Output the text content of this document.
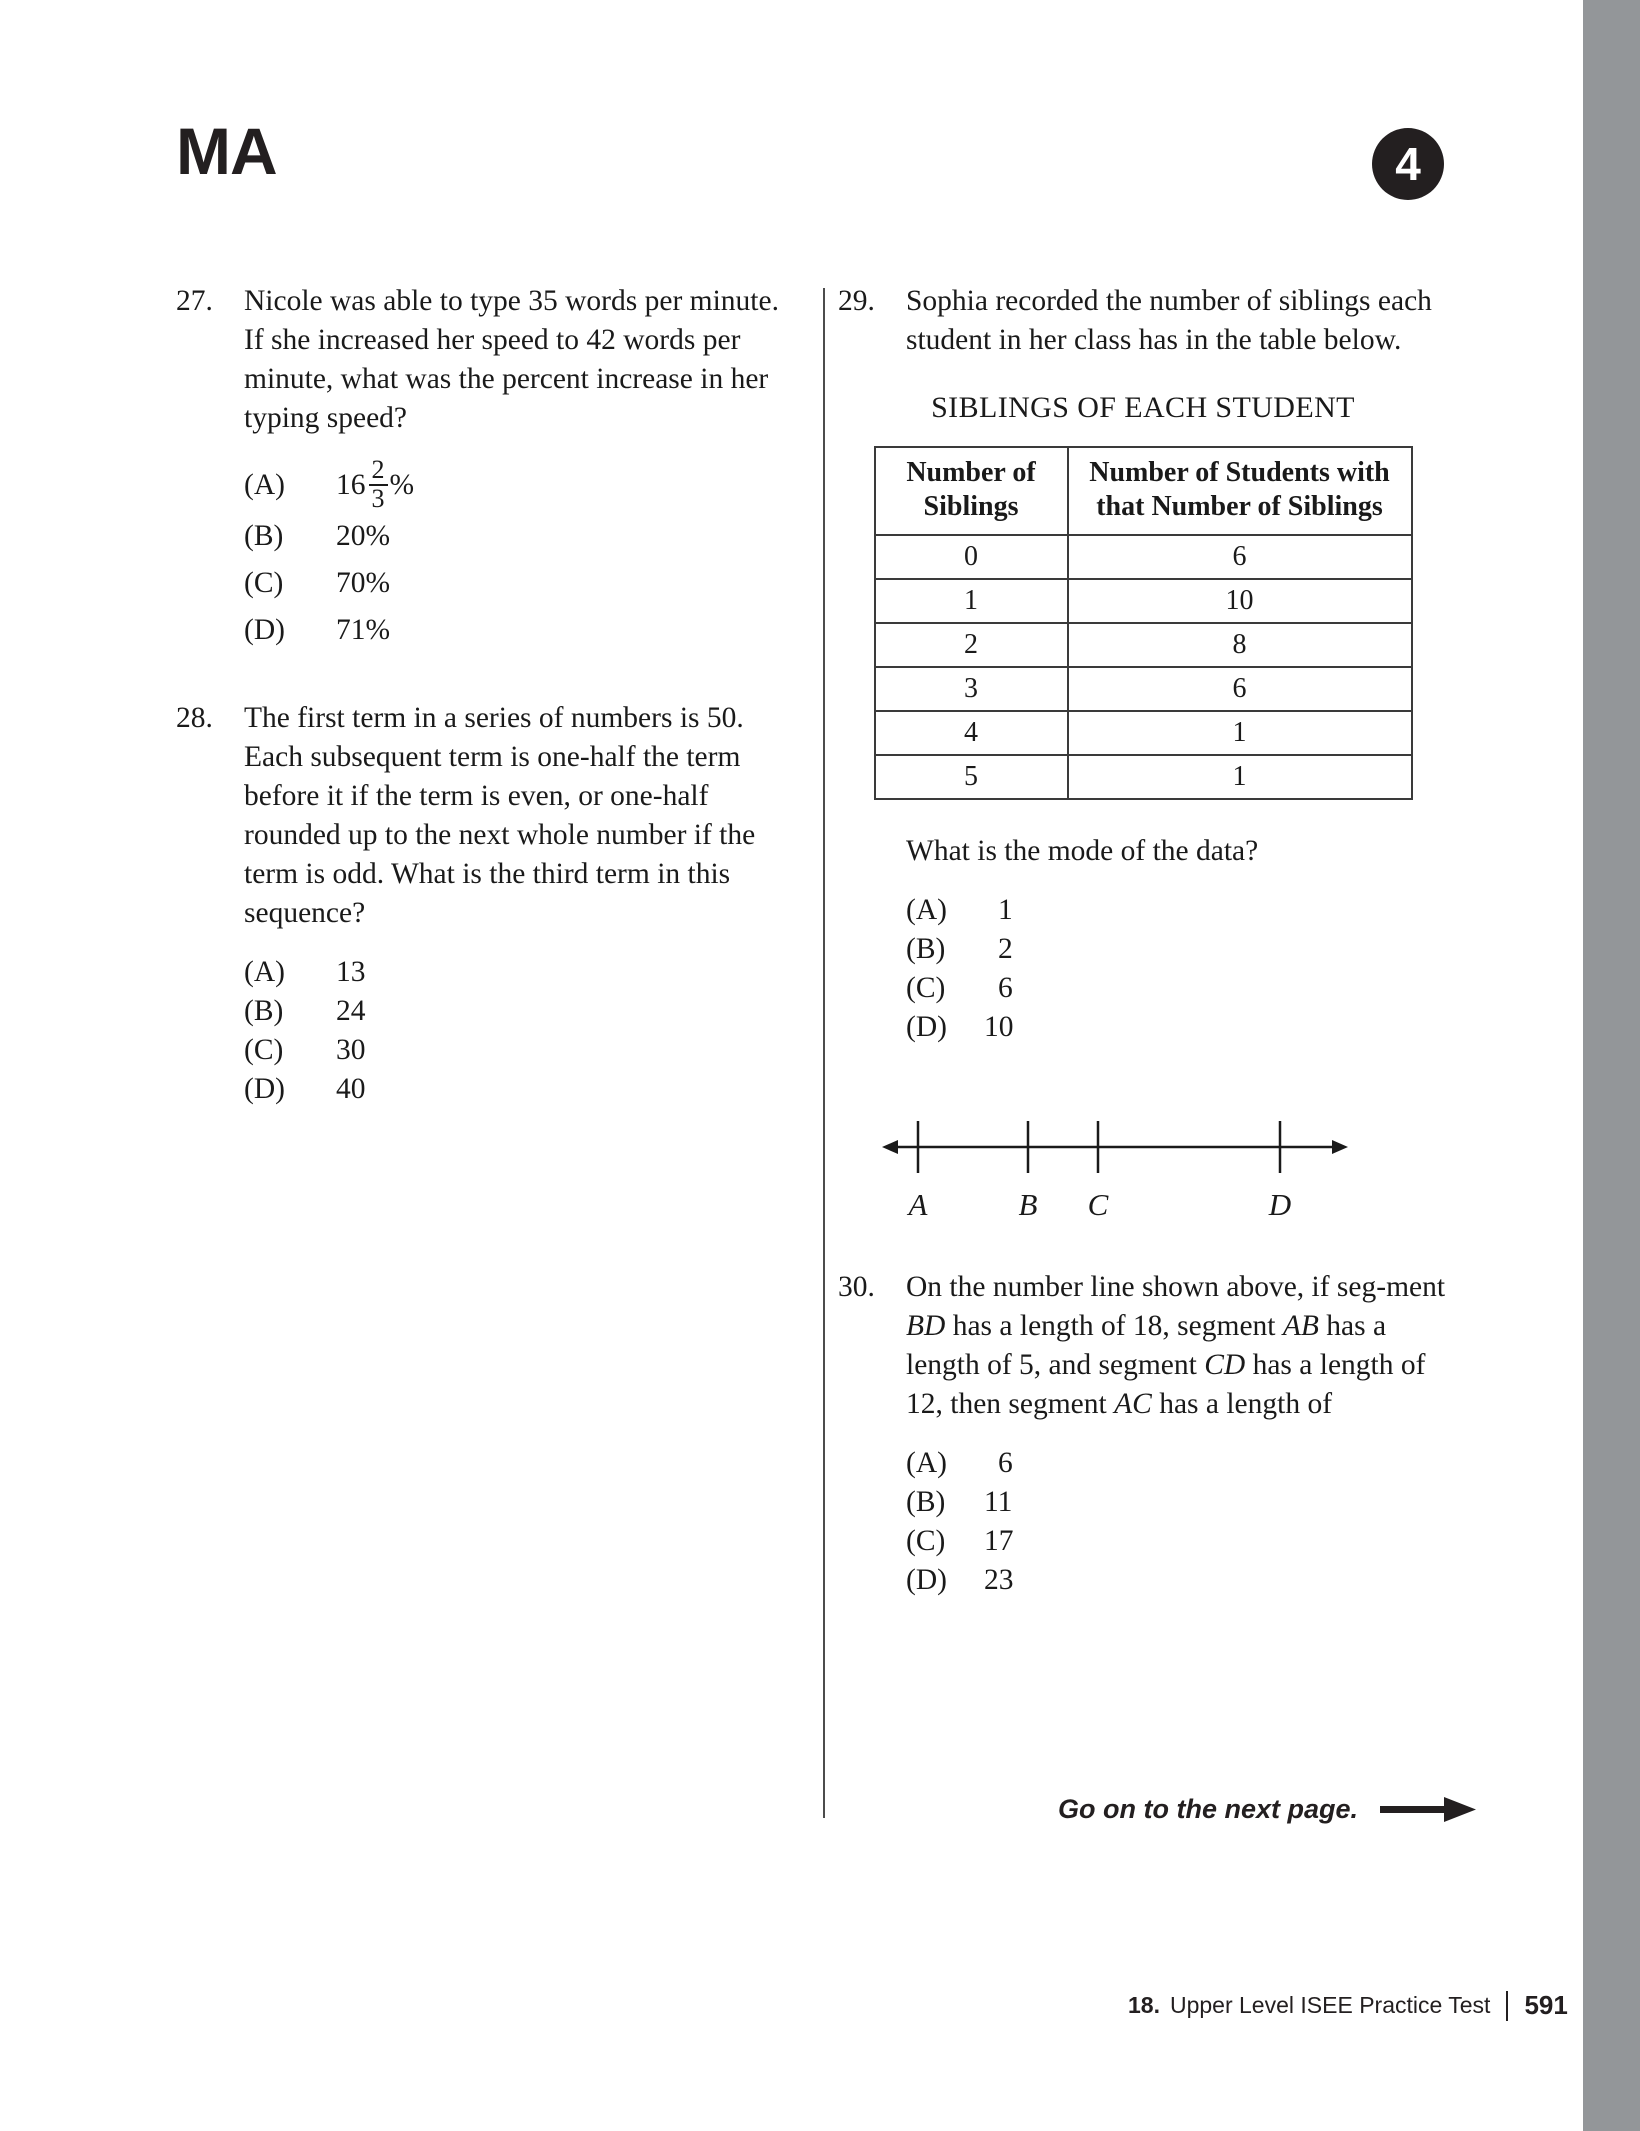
MA	4
27.	Nicole was able to type 35 words per minute. If she increased her speed to 42 words per minute, what was the percent increase in her typing speed?
(A)	$16 \frac{2}{3}$ %
(B)	20%
(C)	70%
(D)	71%
28.	The first term in a series of numbers is 50. Each subsequent term is one-half the term before it if the term is even, or one-half rounded up to the next whole number if the term is odd. What is the third term in this sequence?
(A)	13
(B)	24
(C)	30
(D)	40
29.	Sophia recorded the number of siblings each student in her class has in the table below.
SIBLINGS OF EACH STUDENT
Number of
Siblings

Number of Students with
that Number of Siblings

0	6
1	10
2	8
3	6
4	1
5	1
What is the mode of the data?
(A)	1
(B)	2
(C)	6
(D)	10
A	B C	D
30.	On the number line shown above, if seg-ment BD has a length of 18, segment AB has a length of 5, and segment CD has a length of 12, then segment AC has a length of
(A)	6
(B)	11
(C)	17
(D)	23
Go on to the next page.
18. Upper Level ISEE Practice Test 591
